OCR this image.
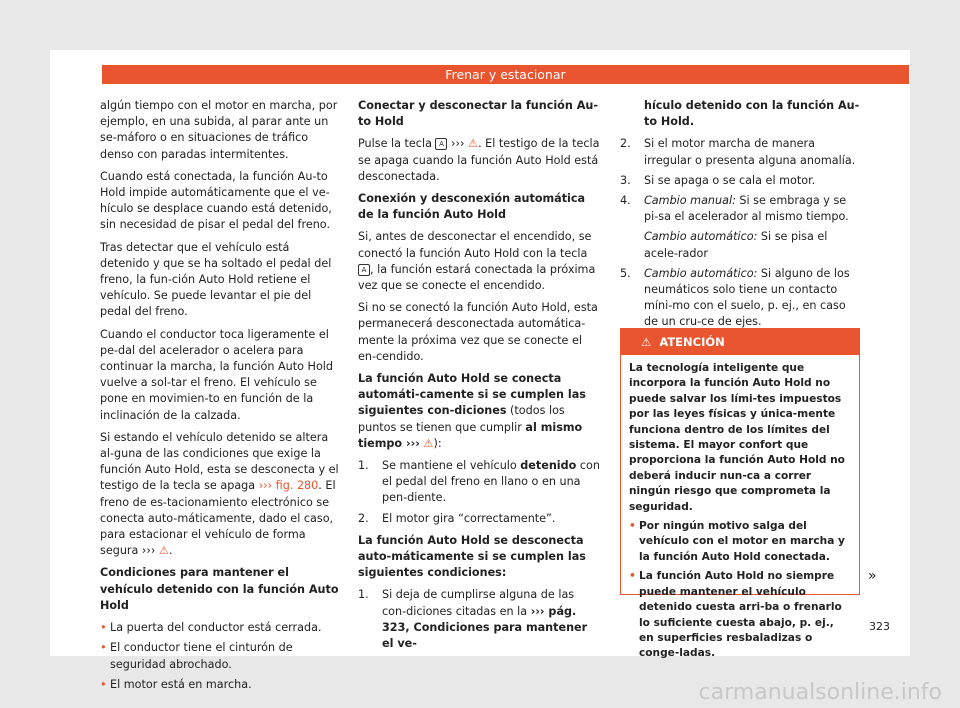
Frenar y estacionar

algún tiempo con el motor en marcha, por ejemplo, en una subida, al parar ante un se-máforo o en situaciones de tráfico denso con paradas intermitentes.

Cuando está conectada, la función Au-to Hold impide automáticamente que el ve-hículo se desplace cuando está detenido, sin necesidad de pisar el pedal del freno.

Tras detectar que el vehículo está detenido y que se ha soltado el pedal del freno, la fun-ción Auto Hold retiene el vehículo. Se puede levantar el pie del pedal del freno.

Cuando el conductor toca ligeramente el pe-dal del acelerador o acelera para continuar la marcha, la función Auto Hold vuelve a sol-tar el freno. El vehículo se pone en movimien-to en función de la inclinación de la calzada.

Si estando el vehículo detenido se altera al-guna de las condiciones que exige la función Auto Hold, esta se desconecta y el testigo de la tecla se apaga ››› fig. 280. El freno de es-tacionamiento electrónico se conecta auto-máticamente, dado el caso, para estacionar el vehículo de forma segura ››› ⚠.

Condiciones para mantener el vehículo detenido con la función Auto Hold

• La puerta del conductor está cerrada.
• El conductor tiene el cinturón de seguridad abrochado.
• El motor está en marcha.

Conectar y desconectar la función Au-to Hold

Pulse la tecla A ››› ⚠. El testigo de la tecla se apaga cuando la función Auto Hold está desconectada.

Conexión y desconexión automática de la función Auto Hold

Si, antes de desconectar el encendido, se conectó la función Auto Hold con la tecla A , la función estará conectada la próxima vez que se conecte el encendido.

Si no se conectó la función Auto Hold, esta permanecerá desconectada automática-mente la próxima vez que se conecte el en-cendido.

La función Auto Hold se conecta automáti-camente si se cumplen las siguientes con-diciones (todos los puntos se tienen que cumplir al mismo tiempo ››› ⚠):

1. Se mantiene el vehículo detenido con el pedal del freno en llano o en una pen-diente.
2. El motor gira “correctamente”.

La función Auto Hold se desconecta auto-máticamente si se cumplen las siguientes condiciones:

1. Si deja de cumplirse alguna de las con-diciones citadas en la ››› pág. 323, Condiciones para mantener el ve-

hículo detenido con la función Au-to Hold.

2. Si el motor marcha de manera irregular o presenta alguna anomalía.
3. Si se apaga o se cala el motor.
4. Cambio manual: Si se embraga y se pi-sa el acelerador al mismo tiempo.
Cambio automático: Si se pisa el acele-rador
5. Cambio automático: Si alguno de los neumáticos solo tiene un contacto míni-mo con el suelo, p. ej., en caso de un cru-ce de ejes.
⚠ ATENCIÓN

La tecnología inteligente que incorpora la función Auto Hold no puede salvar los lími-tes impuestos por las leyes físicas y única-mente funciona dentro de los límites del sistema. El mayor confort que proporciona la función Auto Hold no deberá inducir nun-ca a correr ningún riesgo que comprometa la seguridad.

• Por ningún motivo salga del vehículo con el motor en marcha y la función Auto Hold conectada.
• La función Auto Hold no siempre puede mantener el vehículo detenido cuesta arri-ba o frenarlo lo suficiente cuesta abajo, p. ej., en superficies resbaladizas o conge-ladas.
»
323
carmanualsonline.info
